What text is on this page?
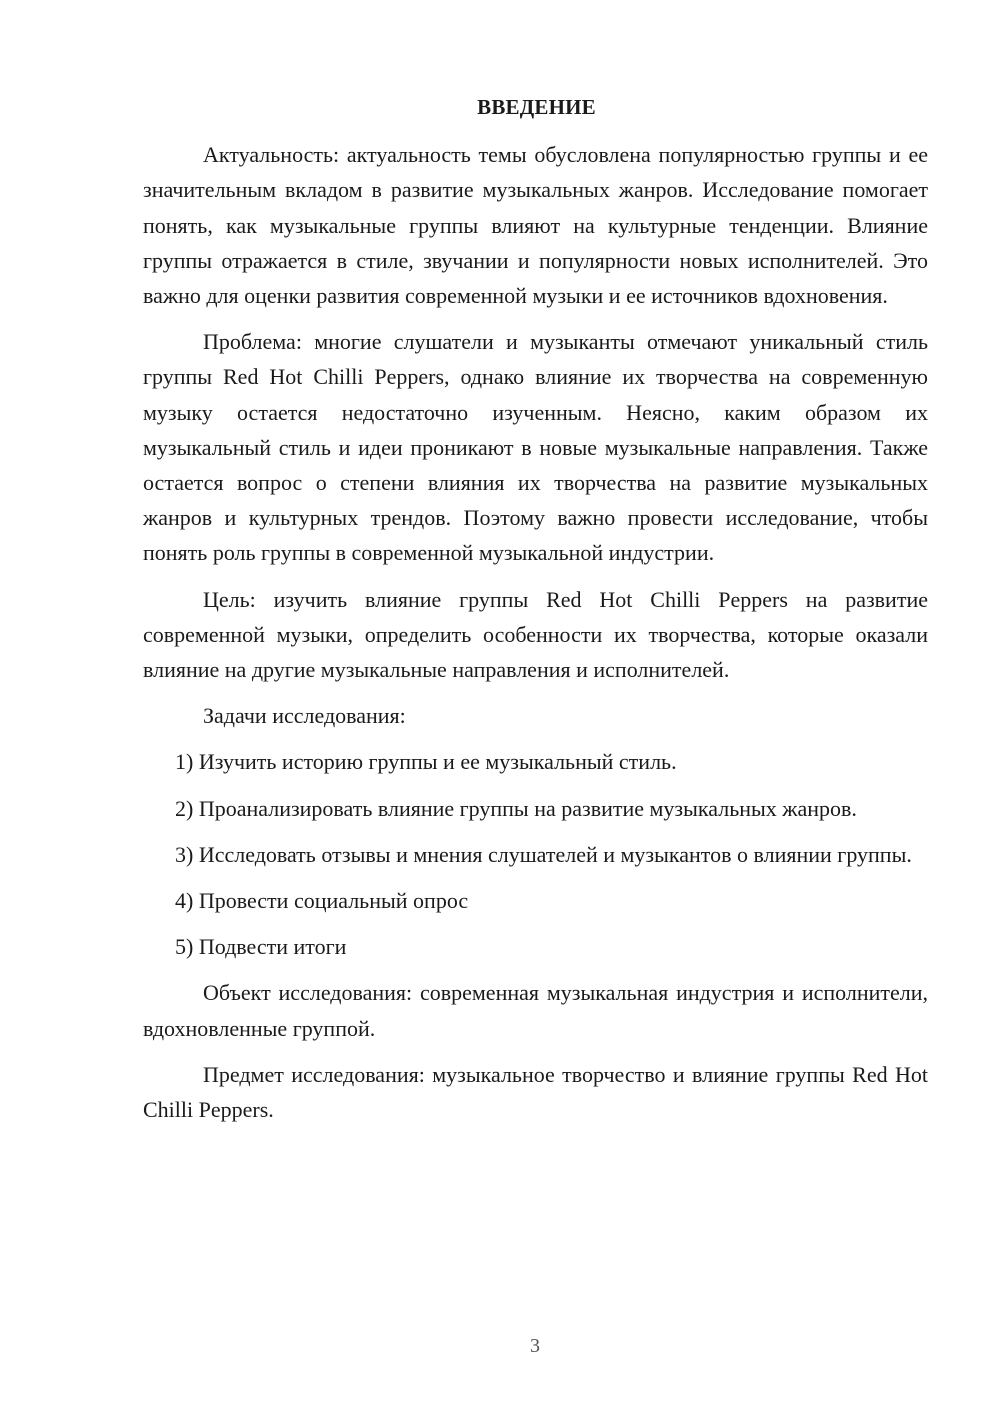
ВВЕДЕНИЕ

Актуальность: актуальность темы обусловлена популярностью группы и ее значительным вкладом в развитие музыкальных жанров. Исследование помогает понять, как музыкальные группы влияют на культурные тенденции. Влияние группы отражается в стиле, звучании и популярности новых исполнителей. Это важно для оценки развития современной музыки и ее источников вдохновения.

Проблема: многие слушатели и музыканты отмечают уникальный стиль группы Red Hot Chilli Peppers, однако влияние их творчества на современную музыку остается недостаточно изученным. Неясно, каким образом их музыкальный стиль и идеи проникают в новые музыкальные направления. Также остается вопрос о степени влияния их творчества на развитие музыкальных жанров и культурных трендов. Поэтому важно провести исследование, чтобы понять роль группы в современной музыкальной индустрии.

Цель: изучить влияние группы Red Hot Chilli Peppers на развитие современной музыки, определить особенности их творчества, которые оказали влияние на другие музыкальные направления и исполнителей.

Задачи исследования:

1) Изучить историю группы и ее музыкальный стиль.

2) Проанализировать влияние группы на развитие музыкальных жанров.

3) Исследовать отзывы и мнения слушателей и музыкантов о влиянии группы.

4) Провести социальный опрос

5) Подвести итоги

Объект исследования: современная музыкальная индустрия и исполнители, вдохновленные группой.

Предмет исследования: музыкальное творчество и влияние группы Red Hot Chilli Peppers.

3
